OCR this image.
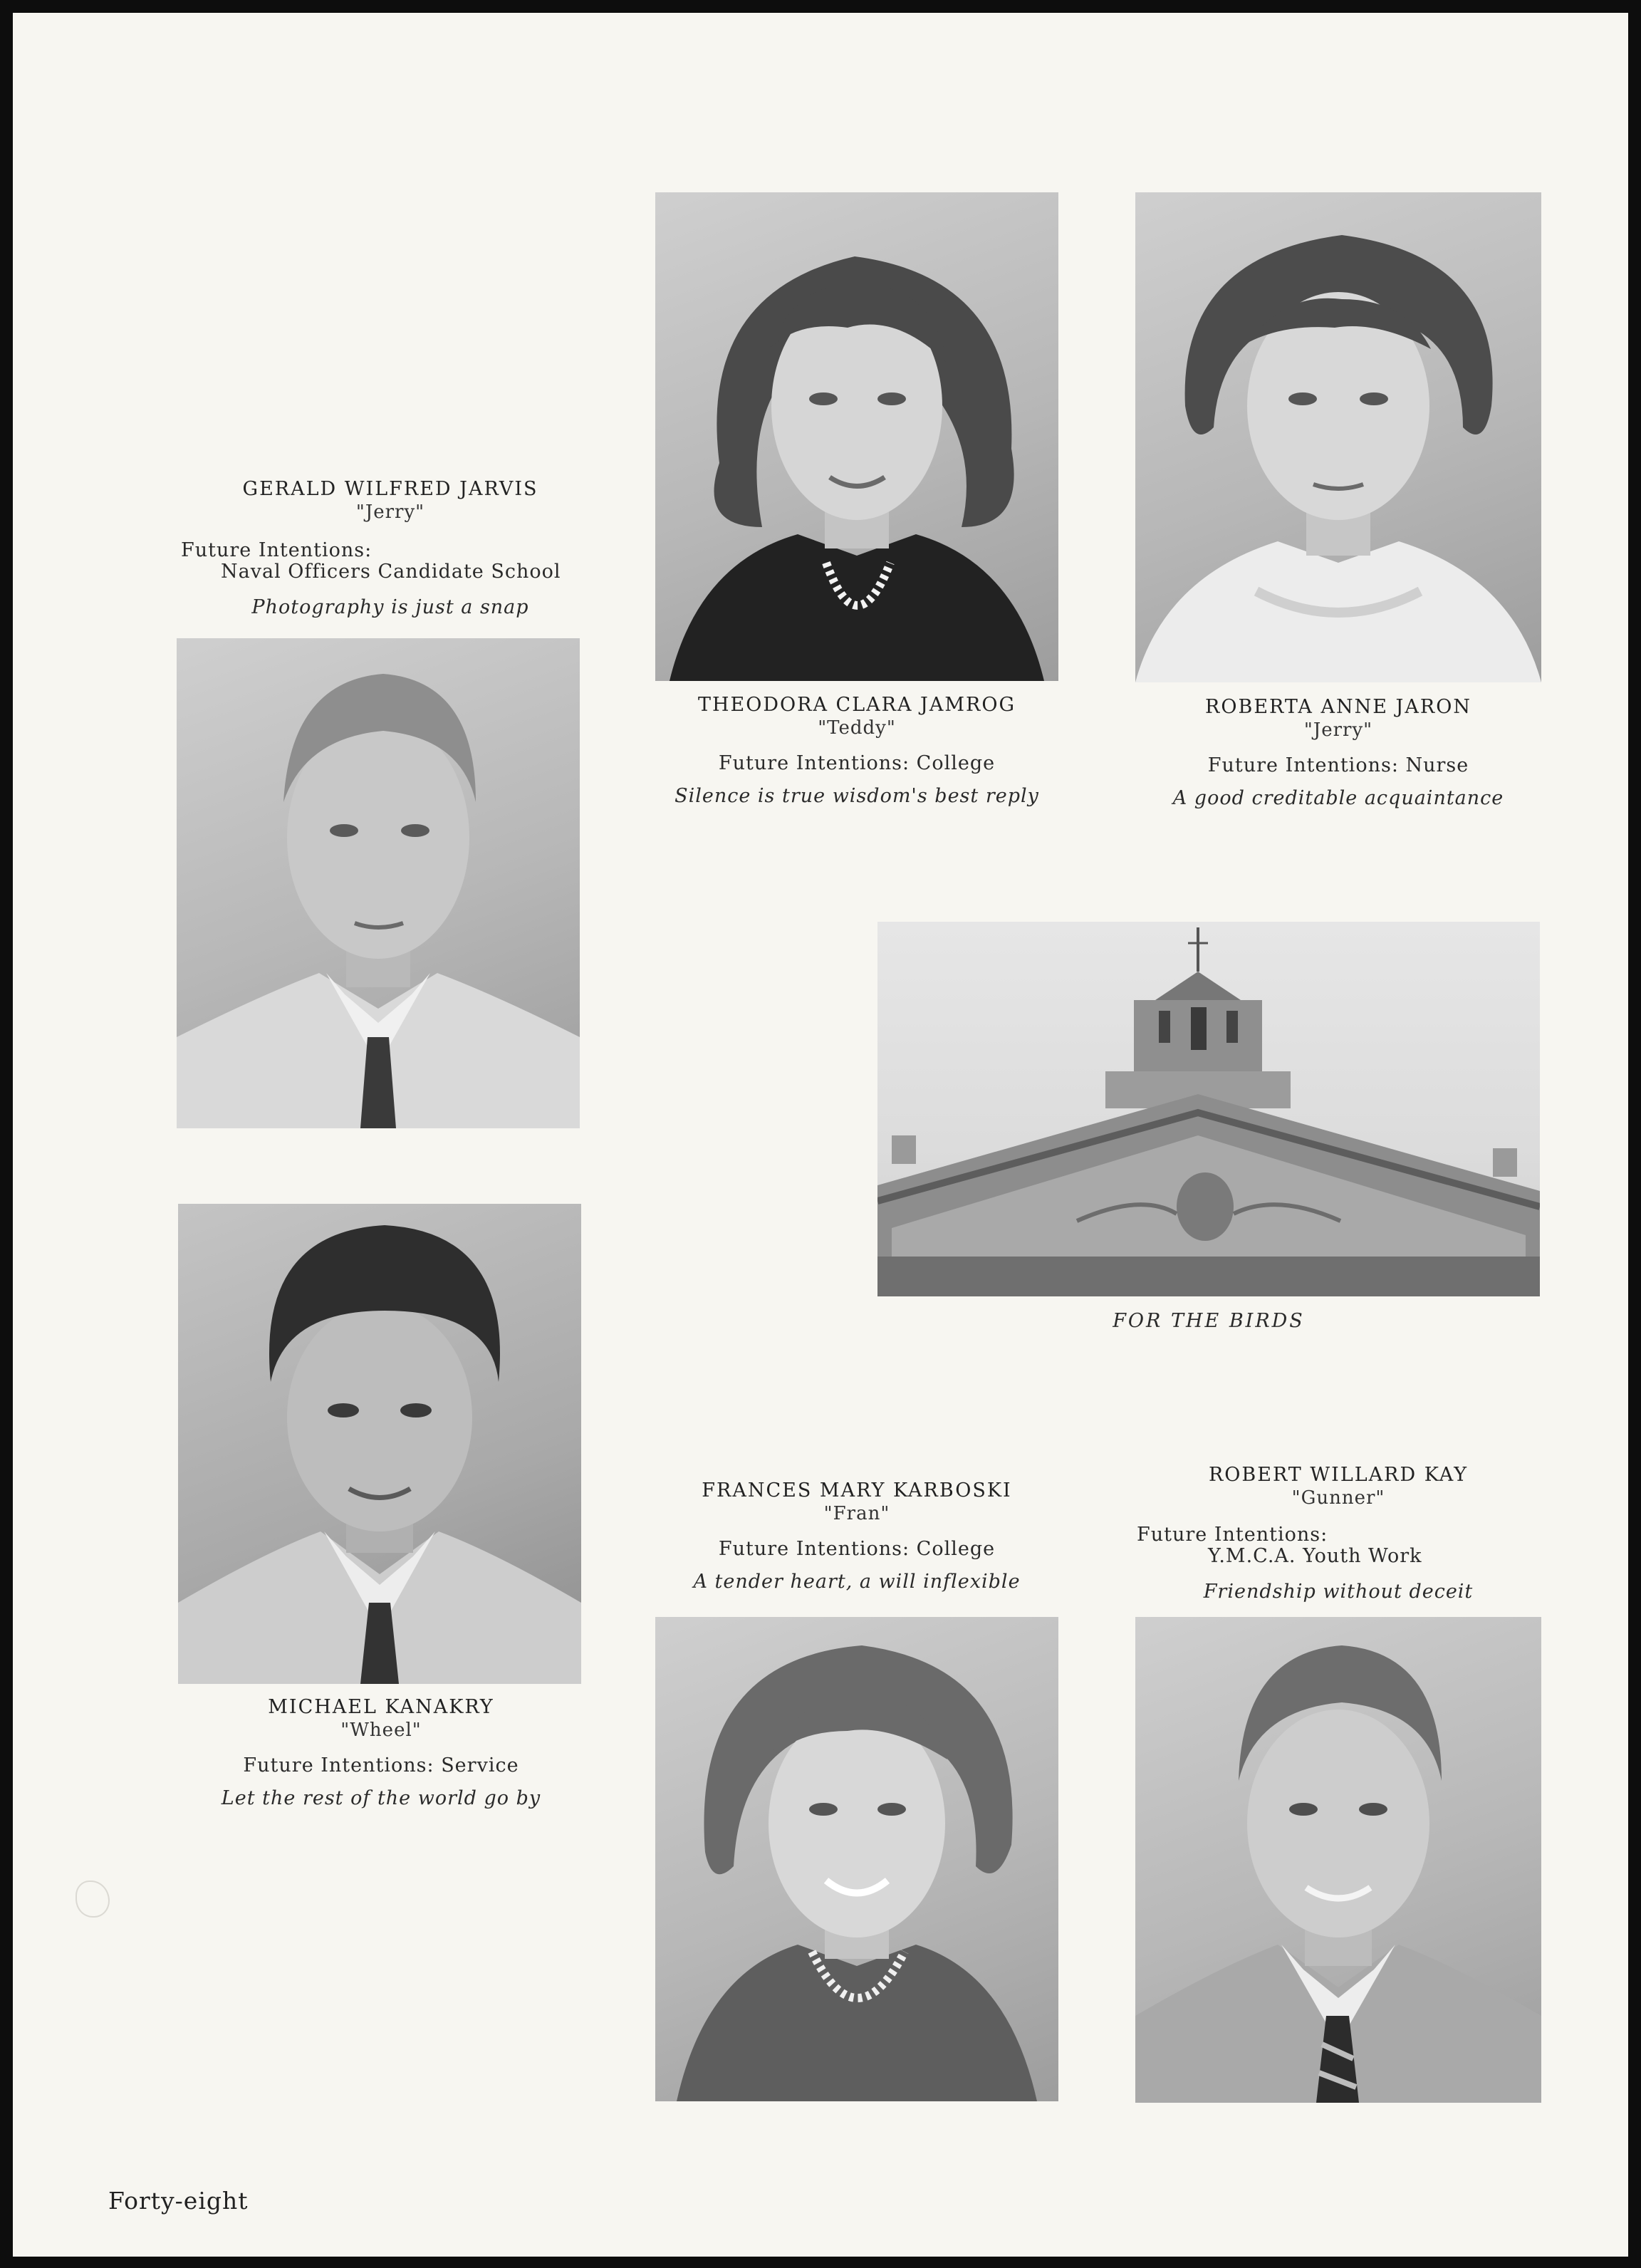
GERALD WILFRED JARVIS
"Jerry"
Future Intentions:
Naval Officers Candidate School
Photography is just a snap
THEODORA CLARA JAMROG
"Teddy"
Future Intentions: College
Silence is true wisdom's best reply
ROBERTA ANNE JARON
"Jerry"
Future Intentions: Nurse
A good creditable acquaintance
FOR THE BIRDS
MICHAEL KANAKRY
"Wheel"
Future Intentions: Service
Let the rest of the world go by
FRANCES MARY KARBOSKI
"Fran"
Future Intentions: College
A tender heart, a will inflexible
ROBERT WILLARD KAY
"Gunner"
Future Intentions:
Y.M.C.A. Youth Work
Friendship without deceit
Forty-eight
